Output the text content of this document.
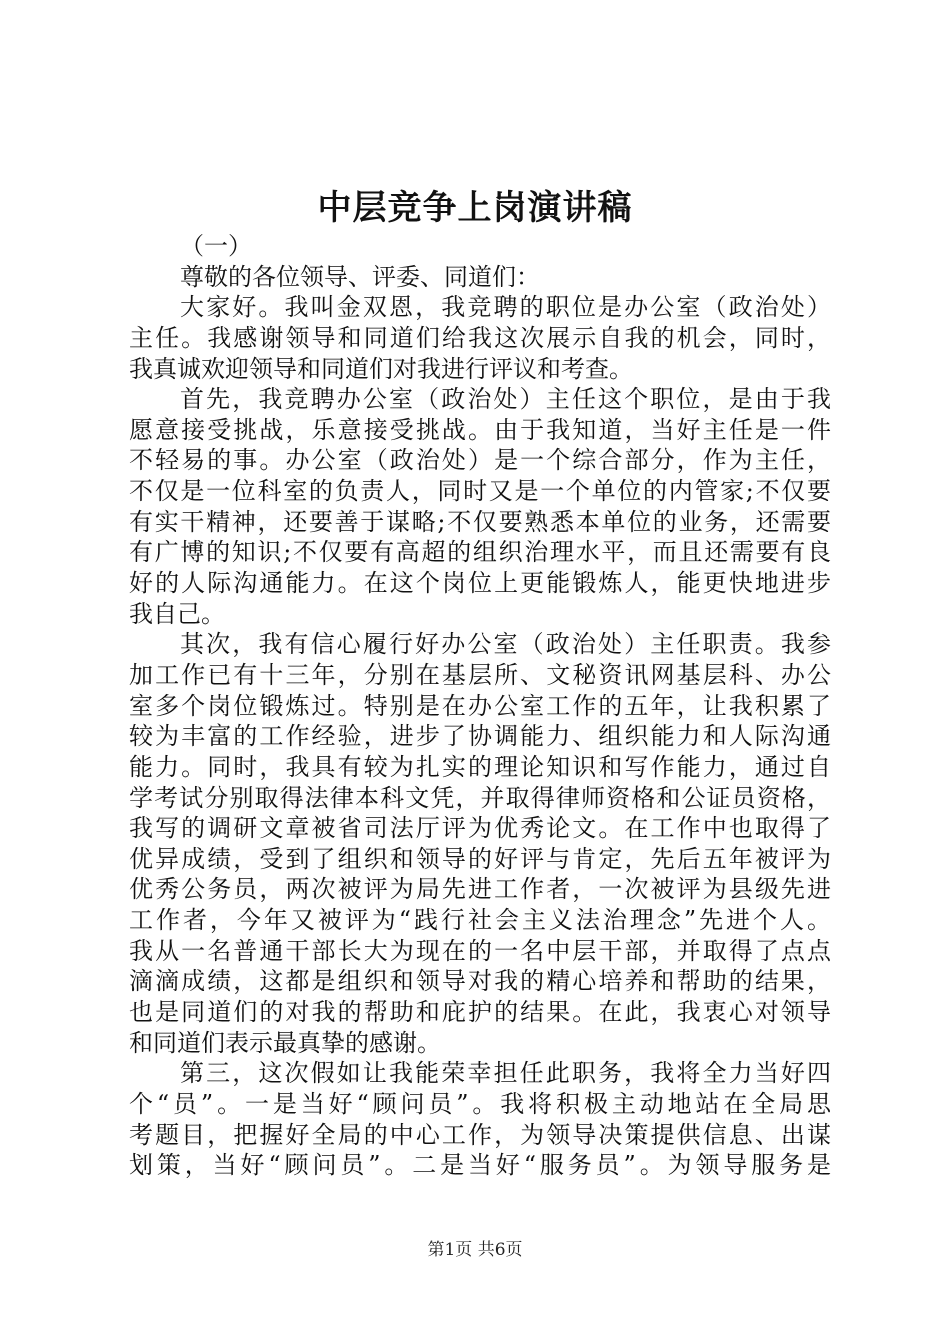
中层竞争上岗演讲稿
（一）
尊敬的各位领导、评委、同道们：
大家好。我叫金双恩，我竞聘的职位是办公室（政治处）
主任。我感谢领导和同道们给我这次展示自我的机会，同时，
我真诚欢迎领导和同道们对我进行评议和考查。
首先，我竞聘办公室（政治处）主任这个职位，是由于我
愿意接受挑战，乐意接受挑战。由于我知道，当好主任是一件
不轻易的事。办公室（政治处）是一个综合部分，作为主任，
不仅是一位科室的负责人，同时又是一个单位的内管家;不仅要
有实干精神，还要善于谋略;不仅要熟悉本单位的业务，还需要
有广博的知识;不仅要有高超的组织治理水平，而且还需要有良
好的人际沟通能力。在这个岗位上更能锻炼人，能更快地进步
我自己。
其次，我有信心履行好办公室（政治处）主任职责。我参
加工作已有十三年，分别在基层所、文秘资讯网基层科、办公
室多个岗位锻炼过。特别是在办公室工作的五年，让我积累了
较为丰富的工作经验，进步了协调能力、组织能力和人际沟通
能力。同时，我具有较为扎实的理论知识和写作能力，通过自
学考试分别取得法律本科文凭，并取得律师资格和公证员资格，
我写的调研文章被省司法厅评为优秀论文。在工作中也取得了
优异成绩，受到了组织和领导的好评与肯定，先后五年被评为
优秀公务员，两次被评为局先进工作者，一次被评为县级先进
工作者，今年又被评为“践行社会主义法治理念”先进个人。
我从一名普通干部长大为现在的一名中层干部，并取得了点点
滴滴成绩，这都是组织和领导对我的精心培养和帮助的结果，
也是同道们的对我的帮助和庇护的结果。在此，我衷心对领导
和同道们表示最真挚的感谢。
第三，这次假如让我能荣幸担任此职务，我将全力当好四
个“员”。一是当好“顾问员”。我将积极主动地站在全局思
考题目，把握好全局的中心工作，为领导决策提供信息、出谋
划策，当好“顾问员”。二是当好“服务员”。为领导服务是
第1页 共6页
